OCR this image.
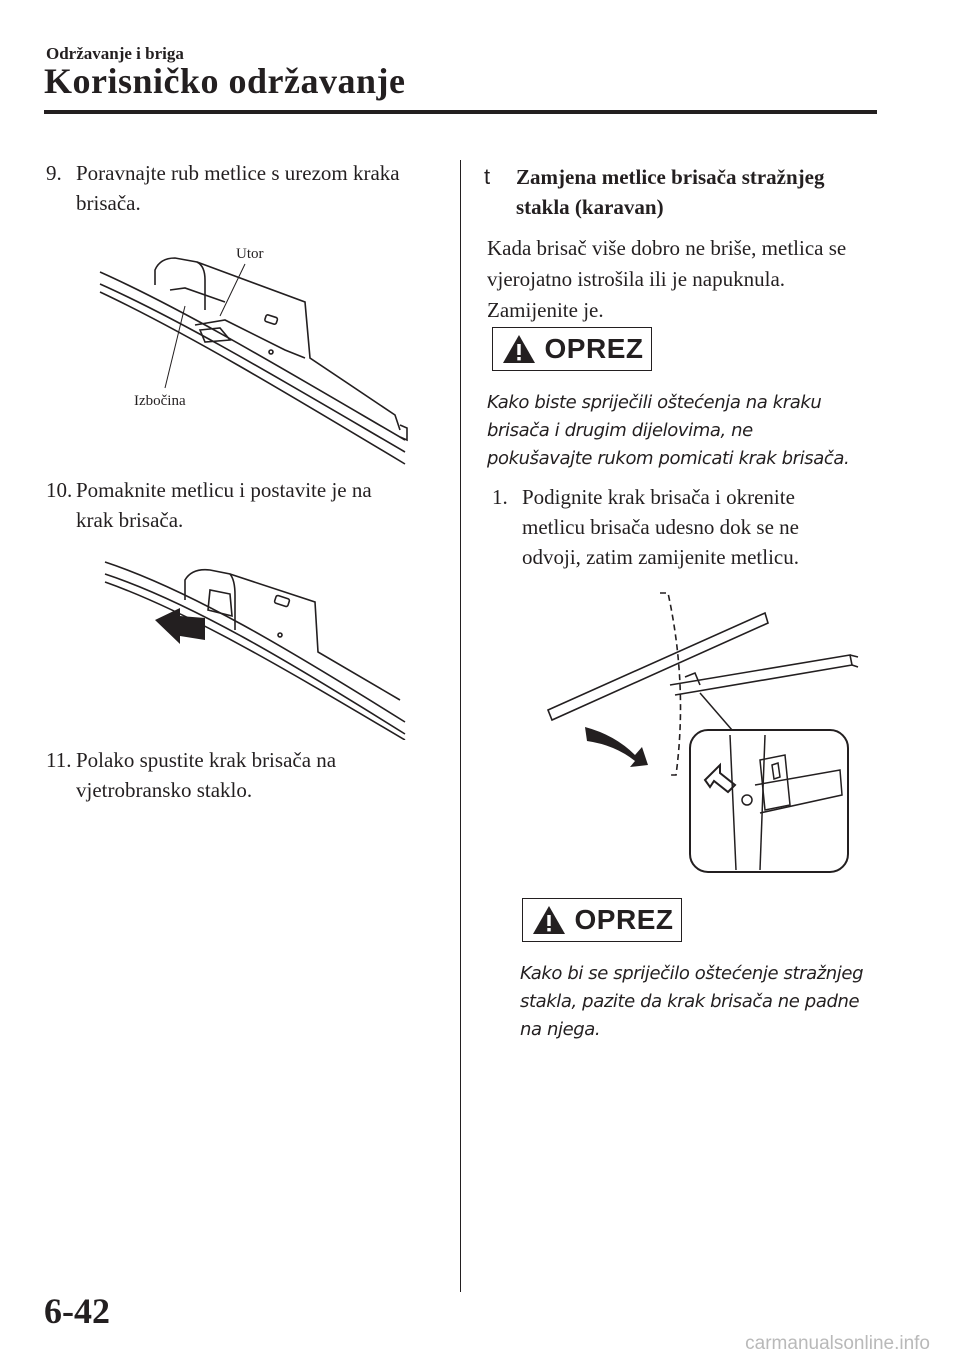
Održavanje i briga
Korisničko održavanje
9. Poravnajte rub metlice s urezom kraka
brisača.
Utor
Izbočina
10. Pomaknite metlicu i postavite je na
krak brisača.
11. Polako spustite krak brisača na
vjetrobransko staklo.
t Zamjena metlice brisača stražnjeg
stakla (karavan)
Kada brisač više dobro ne briše, metlica se
vjerojatno istrošila ili je napuknula.
Zamijenite je.
OPREZ
Kako biste spriječili oštećenja na kraku
brisača i drugim dijelovima, ne
pokušavajte rukom pomicati krak brisača.
1. Podignite krak brisača i okrenite
metlicu brisača udesno dok se ne
odvoji, zatim zamijenite metlicu.
OPREZ
Kako bi se spriječilo oštećenje stražnjeg
stakla, pazite da krak brisača ne padne
na njega.
6-42
carmanualsonline.info
